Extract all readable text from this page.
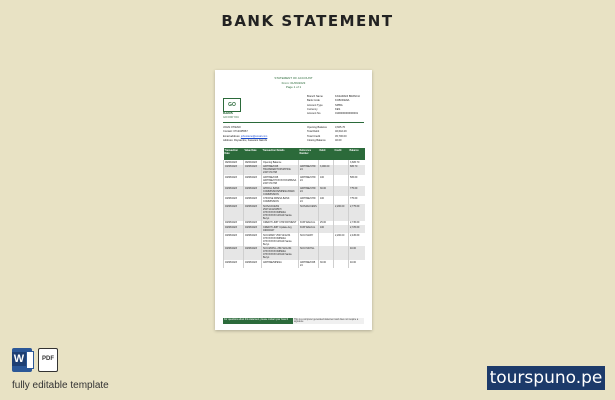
BANK STATEMENT
STATEMENT OF ACCOUNT
From: 01/09/2023
Page 1 of 1
GO
BANK
GO FOR YOU
Branch Name	KASARANI BRANCH
Bank Code	KCBOKENA
Account Type	SPIBA
Currency	KES
Account No	0100000000000001
JOHN OTIENO
Contact: 0712345567
Email address: johnotieno@email.com
Address: Roysambu, Kasarani Nairobi
Opening Balance	3,605.70
Total Debit	46,642.29
Total Credit	45,700.00
Closing Balance	40.00
Transaction Date	Value Date	Transaction Details	Reference Number	Debit	Credit	Balance
09/06/2023	09/06/2023	Opening Balance				3,605.70
03/08/2023	03/08/2023	AIRTIME/KCB TRANSFER/TOP/APP/KE 2347171/798	AIRTIME/CHD 24	3,000.00		605.70
03/08/2023	03/08/2023	AIRTIME/KCB AIRTIME/07XXXXXXX/MPESA 2347171/798	AIRTIME/CHD 24	100		505.69
03/08/2023	03/08/2023	APROLL BANK COMMISSION/MPESA BANK COMMISSION	AIRTIME/CHD 24	30.00		775.69
03/08/2023	03/08/2023	CHOOSE MPESA BANK COMMISSION	AIRTIME/CHD 24	100		775.69
03/08/2023	03/08/2023	SCIS/ACCESS 254712/1234567/ 07XXXXXXX/MPESA 07XXXXXXX-ROAD Santa Beryn	SCIS4ACCESS		2,200.00	2,775.69
03/08/2023	03/08/2023	CREDIT LIMIT CHR PAYMENT	KCB WALKAL	25.00		2,745.69
03/08/2023	03/08/2023	CREDIT LIMIT Update Avg 0400/0447	KCB WALKAL	100		2,725.69
03/08/2023	03/08/2023	SCC/MARY 254712/1234 07XXXXXXX/MPESA 07XXXXXXX-ROAD Santa Beryn	SCCI MARY		2,200.00	2,445.69
03/08/2023	03/08/2023	SCC/MCHLL 254712/1234 07XXXXXXX/MPESA 07XXXXXXX-ROAD Santa Beryn	SCCI MCHLL			40.00
03/08/2023	03/08/2023	AIRTIME/MPESA	AIRTIME/KCB 24	30.00		40.00
For questions about this statement, please contact your branch	This is a computer generated statement and does not require a signature
W	PDF
fully editable template	tourspuno.pe
